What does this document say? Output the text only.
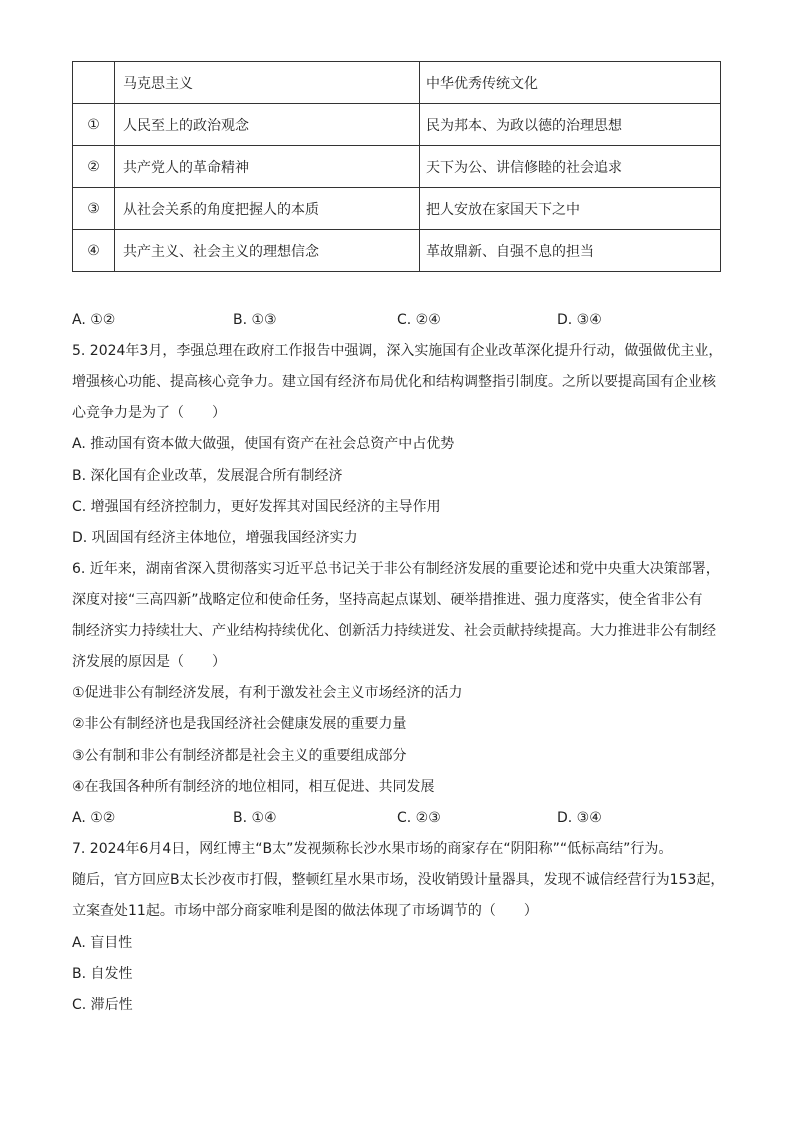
	马克思主义	中华优秀传统文化
①	人民至上的政治观念	民为邦本、为政以德的治理思想
②	共产党人的革命精神	天下为公、讲信修睦的社会追求
③	从社会关系的角度把握人的本质	把人安放在家国天下之中
④	共产主义、社会主义的理想信念	革故鼎新、自强不息的担当
A. ①②	B. ①③	C. ②④	D. ③④
5. 2024年3月，李强总理在政府工作报告中强调，深入实施国有企业改革深化提升行动，做强做优主业，
增强核心功能、提高核心竞争力。建立国有经济布局优化和结构调整指引制度。之所以要提高国有企业核
心竞争力是为了（　　）
A. 推动国有资本做大做强，使国有资产在社会总资产中占优势
B. 深化国有企业改革，发展混合所有制经济
C. 增强国有经济控制力，更好发挥其对国民经济的主导作用
D. 巩固国有经济主体地位，增强我国经济实力
6. 近年来，湖南省深入贯彻落实习近平总书记关于非公有制经济发展的重要论述和党中央重大决策部署，
深度对接“三高四新”战略定位和使命任务，坚持高起点谋划、硬举措推进、强力度落实，使全省非公有
制经济实力持续壮大、产业结构持续优化、创新活力持续迸发、社会贡献持续提高。大力推进非公有制经
济发展的原因是（　　）
①促进非公有制经济发展，有利于激发社会主义市场经济的活力
②非公有制经济也是我国经济社会健康发展的重要力量
③公有制和非公有制经济都是社会主义的重要组成部分
④在我国各种所有制经济的地位相同，相互促进、共同发展
A. ①②	B. ①④	C. ②③	D. ③④
7. 2024年6月4日，网红博主“B太”发视频称长沙水果市场的商家存在“阴阳称”“低标高结”行为。
随后，官方回应B太长沙夜市打假，整顿红星水果市场，没收销毁计量器具，发现不诚信经营行为153起，
立案查处11起。市场中部分商家唯利是图的做法体现了市场调节的（　　）
A. 盲目性
B. 自发性
C. 滞后性
